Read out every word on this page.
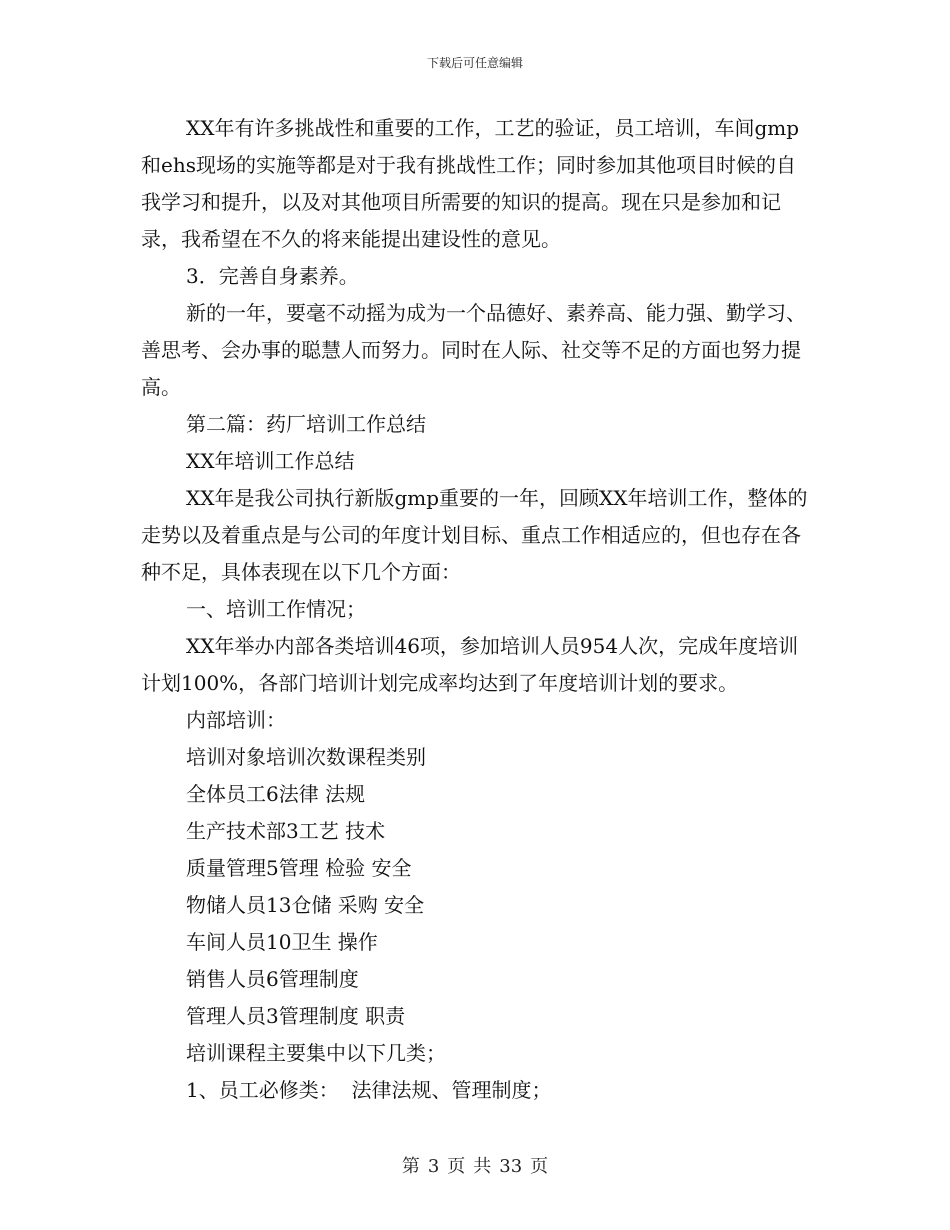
下载后可任意编辑

XX年有许多挑战性和重要的工作，工艺的验证，员工培训，车间gmp和ehs现场的实施等都是对于我有挑战性工作；同时参加其他项目时候的自我学习和提升，以及对其他项目所需要的知识的提高。现在只是参加和记录，我希望在不久的将来能提出建设性的意见。

3．完善自身素养。

新的一年，要毫不动摇为成为一个品德好、素养高、能力强、勤学习、善思考、会办事的聪慧人而努力。同时在人际、社交等不足的方面也努力提高。

第二篇：药厂培训工作总结

XX年培训工作总结

XX年是我公司执行新版gmp重要的一年，回顾XX年培训工作，整体的走势以及着重点是与公司的年度计划目标、重点工作相适应的，但也存在各种不足，具体表现在以下几个方面：

一、培训工作情况；

XX年举办内部各类培训46项，参加培训人员954人次，完成年度培训计划100%，各部门培训计划完成率均达到了年度培训计划的要求。

内部培训：

培训对象培训次数课程类别

全体员工6法律 法规

生产技术部3工艺 技术

质量管理5管理 检验 安全

物储人员13仓储 采购 安全

车间人员10卫生 操作

销售人员6管理制度

管理人员3管理制度 职责

培训课程主要集中以下几类；

1、员工必修类：  法律法规、管理制度；

第 3 页 共 33 页
